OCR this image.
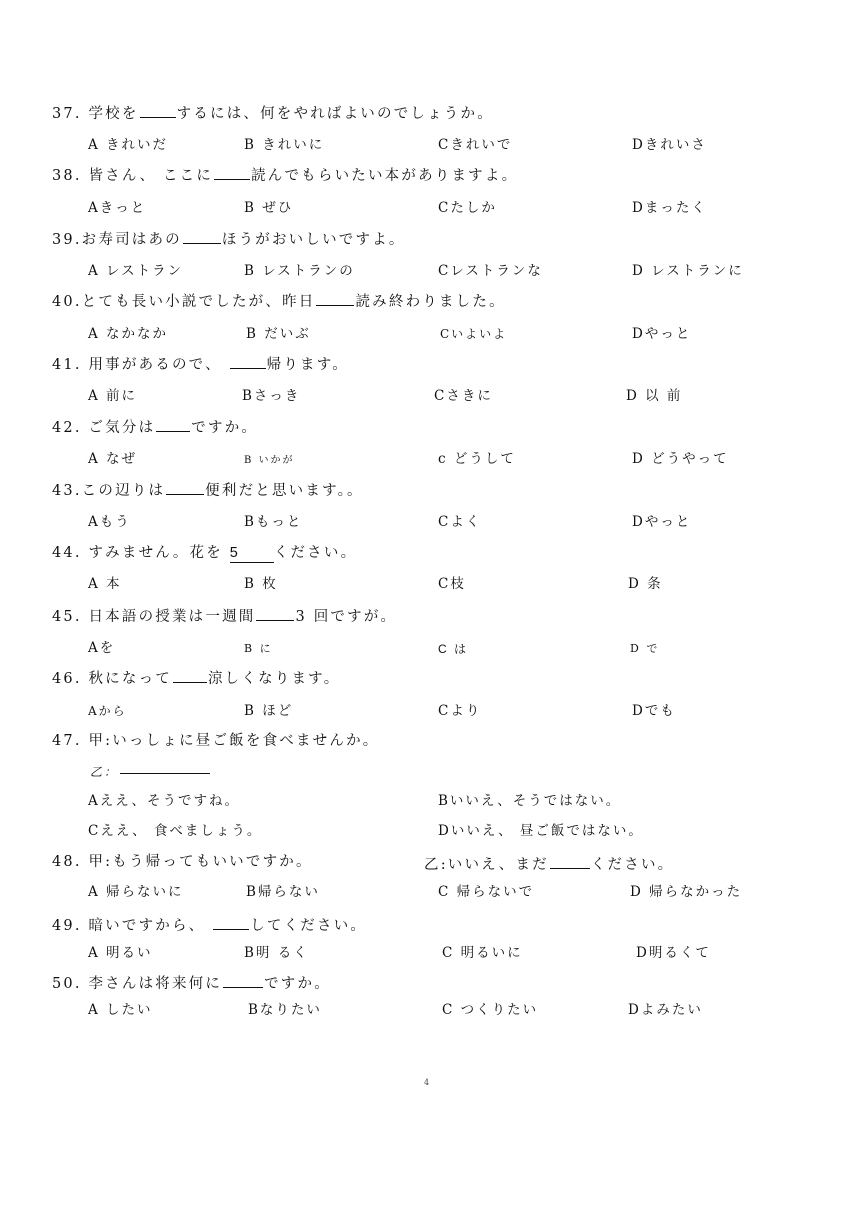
37. 学校を	するには、何をやればよいのでしょうか。
A きれいだ	B きれいに	Cきれいで	Dきれいさ
38. 皆さん、 ここに	読んでもらいたい本がありますよ。
Aきっと	B ぜひ	Cたしか	Dまったく
39.お寿司はあの	ほうがおいしいですよ。
A レストラン	B レストランの	Cレストランな	D レストランに
40.とても長い小説でしたが、昨日	読み終わりました。
A なかなか	B だいぶ	Cいよいよ	Dやっと
41. 用事があるので、	帰ります。
A 前に	Bさっき	Cさきに	D 以 前
42. ご気分は ですか。
A なぜ	B いかが	c どうして	D どうやって
43.この辺りは	便利だと思います。。
Aもう	Bもっと	Cよく	Dやっと
44. すみません。花を 5 ください。
A 本	B 枚	C枝	D 条
45. 日本語の授業は一週間	3 回ですが。
Aを	B に	C は	D で
46. 秋になって 涼しくなります。
Aから	B ほど	Cより	Dでも
47. 甲:いっしょに昼ご飯を食べませんか。
乙：
Aええ、そうですね。	Bいいえ、そうではない。
Cええ、 食べましょう。	Dいいえ、 昼ご飯ではない。
48. 甲:もう帰ってもいいですか。	乙:いいえ、まだ	ください。
A 帰らないに	B帰らない	C 帰らないで	D 帰らなかった
49. 暗いですから、	してください。
A 明るい	B明 るく	C 明るいに	D明るくて
50. 李さんは将来何に	ですか。
A したい	Bなりたい	C つくりたい	Dよみたい
4
